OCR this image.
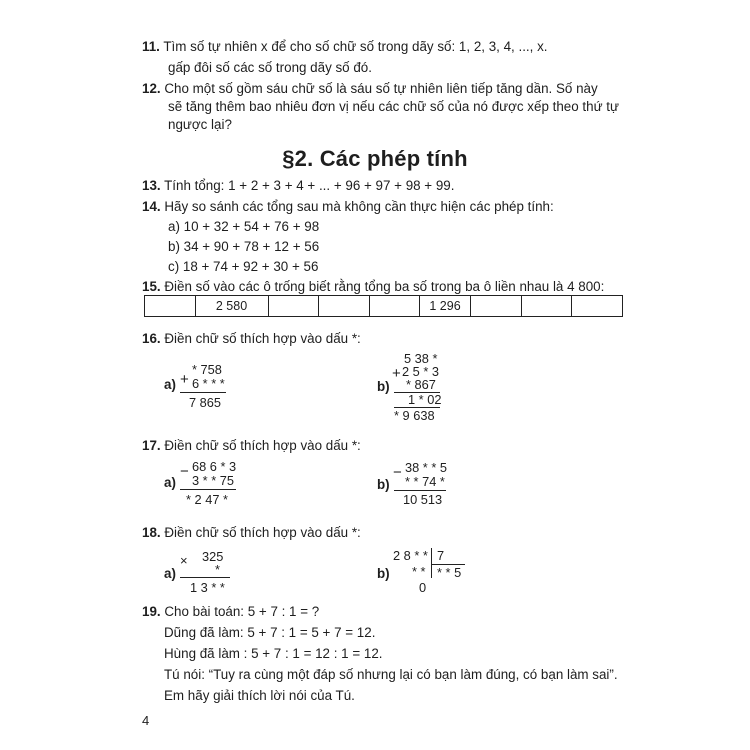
11. Tìm số tự nhiên x để cho số chữ số trong dãy số: 1, 2, 3, 4, ..., x.
gấp đôi số các số trong dãy số đó.
12. Cho một số gồm sáu chữ số là sáu số tự nhiên liên tiếp tăng dần. Số này
sẽ tăng thêm bao nhiêu đơn vị nếu các chữ số của nó được xếp theo thứ tự
ngược lại?
§2. Các phép tính
13. Tính tổng: 1 + 2 + 3 + 4 + ... + 96 + 97 + 98 + 99.
14. Hãy so sánh các tổng sau mà không cần thực hiện các phép tính:
a) 10 + 32 + 54 + 76 + 98
b) 34 + 90 + 78 + 12 + 56
c) 18 + 74 + 92 + 30 + 56
15. Điền số vào các ô trống biết rằng tổng ba số trong ba ô liền nhau là 4 800:
	2 580				1 296			
16. Điền chữ số thích hợp vào dấu *:
a) +
* 758
6 * * *
7 865
b)
+
5 38 *
2 5 * 3
* 867
1 * 02
* 9 638
17. Điền chữ số thích hợp vào dấu *:
a)
− 68 6 * 3
3 * * 75
* 2 47 *
b)
− 38 * * 5
* * 74 *
10 513
18. Điền chữ số thích hợp vào dấu *:
a)
× 325
*
1 3 * *
b)
2 8 * * 7
* * * * 5
0
19. Cho bài toán: 5 + 7 : 1 = ?
Dũng đã làm: 5 + 7 : 1 = 5 + 7 = 12.
Hùng đã làm : 5 + 7 : 1 = 12 : 1 = 12.
Tú nói: “Tuy ra cùng một đáp số nhưng lại có bạn làm đúng, có bạn làm sai”.
Em hãy giải thích lời nói của Tú.
4
